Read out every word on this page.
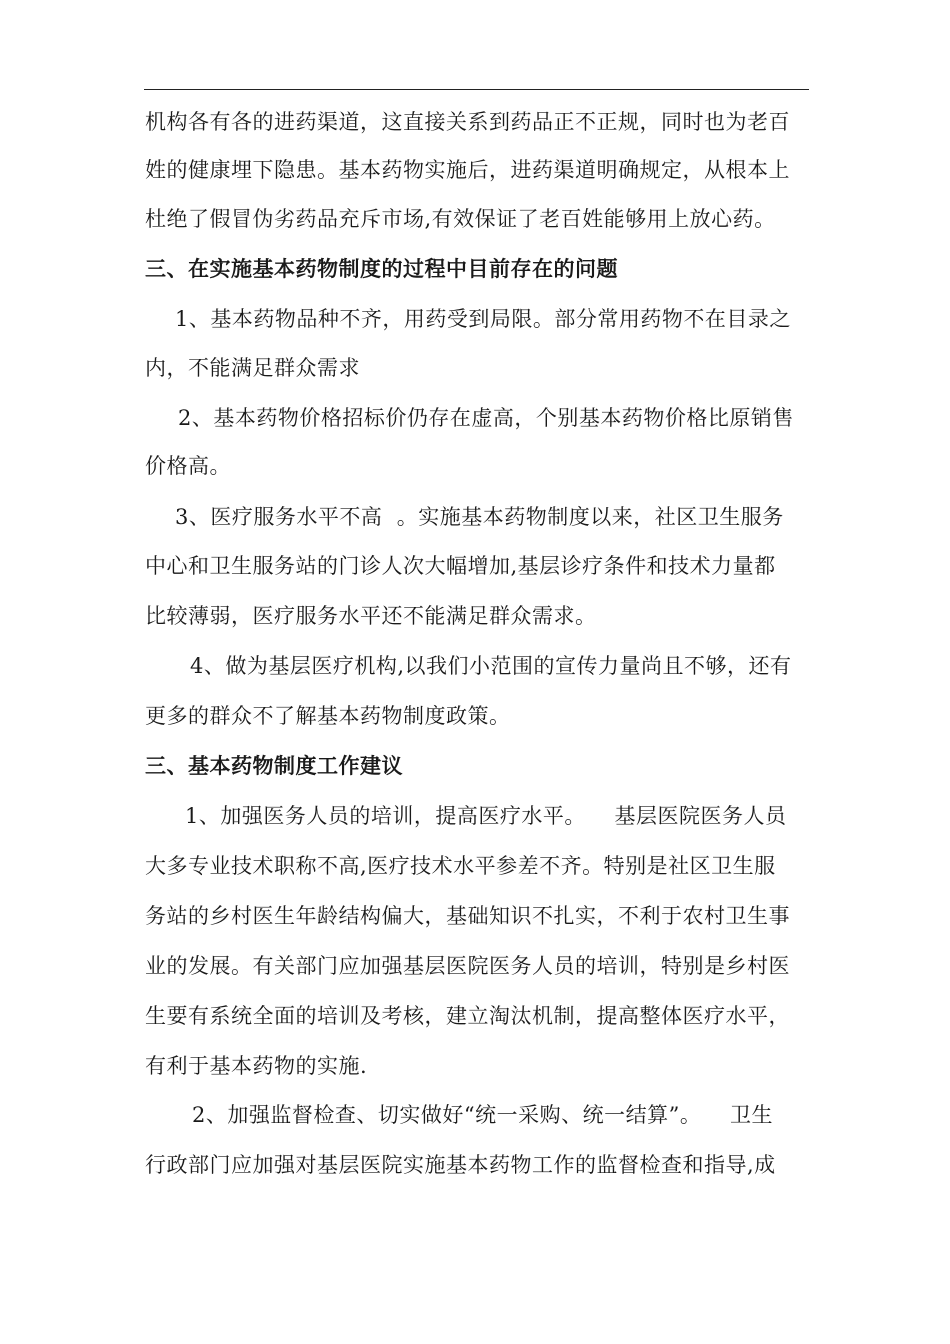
机构各有各的进药渠道，这直接关系到药品正不正规，同时也为老百
姓的健康埋下隐患。基本药物实施后，进药渠道明确规定，从根本上
杜绝了假冒伪劣药品充斥市场,有效保证了老百姓能够用上放心药。
三、在实施基本药物制度的过程中目前存在的问题
1、基本药物品种不齐，用药受到局限。部分常用药物不在目录之
内，不能满足群众需求
2、基本药物价格招标价仍存在虚高，个别基本药物价格比原销售
价格高。
3、医疗服务水平不高  。实施基本药物制度以来，社区卫生服务
中心和卫生服务站的门诊人次大幅增加,基层诊疗条件和技术力量都
比较薄弱，医疗服务水平还不能满足群众需求。
4、做为基层医疗机构,以我们小范围的宣传力量尚且不够，还有
更多的群众不了解基本药物制度政策。
三、基本药物制度工作建议
1、加强医务人员的培训，提高医疗水平。    基层医院医务人员
大多专业技术职称不高,医疗技术水平参差不齐。特别是社区卫生服
务站的乡村医生年龄结构偏大，基础知识不扎实，不利于农村卫生事
业的发展。有关部门应加强基层医院医务人员的培训，特别是乡村医
生要有系统全面的培训及考核，建立淘汰机制，提高整体医疗水平，
有利于基本药物的实施.
2、加强监督检查、切实做好“统一采购、统一结算”。    卫生
行政部门应加强对基层医院实施基本药物工作的监督检查和指导,成
